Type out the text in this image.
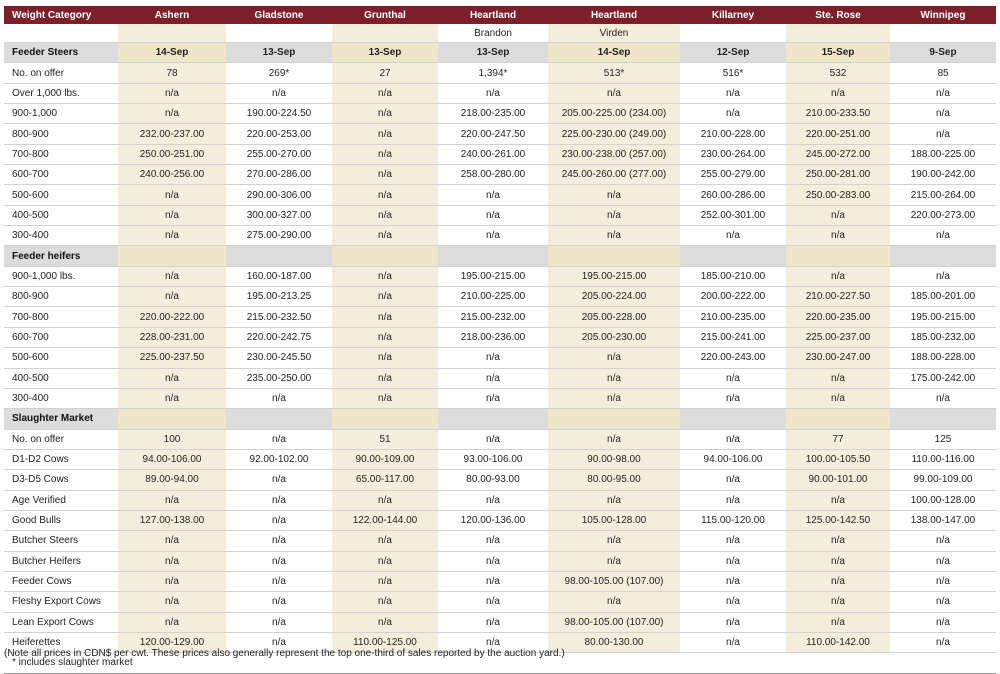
Weight Category	Ashern	Gladstone	Grunthal	Heartland	Heartland	Killarney	Ste. Rose	Winnipeg
				Brandon	Virden			
Feeder Steers	14-Sep	13-Sep	13-Sep	13-Sep	14-Sep	12-Sep	15-Sep	9-Sep
No. on offer	78	269*	27	1,394*	513*	516*	532	85
Over 1,000 lbs.	n/a	n/a	n/a	n/a	n/a	n/a	n/a	n/a
900-1,000	n/a	190.00-224.50	n/a	218.00-235.00	205.00-225.00 (234.00)	n/a	210.00-233.50	n/a
800-900	232.00-237.00	220.00-253.00	n/a	220.00-247.50	225.00-230.00 (249.00)	210.00-228.00	220.00-251.00	n/a
700-800	250.00-251.00	255.00-270.00	n/a	240.00-261.00	230.00-238.00 (257.00)	230.00-264.00	245.00-272.00	188.00-225.00
600-700	240.00-256.00	270.00-286.00	n/a	258.00-280.00	245.00-260.00 (277.00)	255.00-279.00	250.00-281.00	190.00-242.00
500-600	n/a	290.00-306.00	n/a	n/a	n/a	260.00-286.00	250.00-283.00	215.00-264.00
400-500	n/a	300.00-327.00	n/a	n/a	n/a	252.00-301.00	n/a	220.00-273.00
300-400	n/a	275.00-290.00	n/a	n/a	n/a	n/a	n/a	n/a
Feeder heifers								
900-1,000 lbs.	n/a	160.00-187.00	n/a	195.00-215.00	195.00-215.00	185.00-210.00	n/a	n/a
800-900	n/a	195.00-213.25	n/a	210.00-225.00	205.00-224.00	200.00-222.00	210.00-227.50	185.00-201.00
700-800	220.00-222.00	215.00-232.50	n/a	215.00-232.00	205.00-228.00	210.00-235.00	220.00-235.00	195.00-215.00
600-700	228.00-231.00	220.00-242.75	n/a	218.00-236.00	205.00-230.00	215.00-241.00	225.00-237.00	185.00-232.00
500-600	225.00-237.50	230.00-245.50	n/a	n/a	n/a	220.00-243.00	230.00-247.00	188.00-228.00
400-500	n/a	235.00-250.00	n/a	n/a	n/a	n/a	n/a	175.00-242.00
300-400	n/a	n/a	n/a	n/a	n/a	n/a	n/a	n/a
Slaughter Market								
No. on offer	100	n/a	51	n/a	n/a	n/a	77	125
D1-D2 Cows	94.00-106.00	92.00-102.00	90.00-109.00	93.00-106.00	90.00-98.00	94.00-106.00	100.00-105.50	110.00-116.00
D3-D5 Cows	89.00-94.00	n/a	65.00-117.00	80.00-93.00	80.00-95.00	n/a	90.00-101.00	99.00-109.00
Age Verified	n/a	n/a	n/a	n/a	n/a	n/a	n/a	100.00-128.00
Good Bulls	127.00-138.00	n/a	122.00-144.00	120.00-136.00	105.00-128.00	115.00-120.00	125.00-142.50	138.00-147.00
Butcher Steers	n/a	n/a	n/a	n/a	n/a	n/a	n/a	n/a
Butcher Heifers	n/a	n/a	n/a	n/a	n/a	n/a	n/a	n/a
Feeder Cows	n/a	n/a	n/a	n/a	98.00-105.00 (107.00)	n/a	n/a	n/a
Fleshy Export Cows	n/a	n/a	n/a	n/a	n/a	n/a	n/a	n/a
Lean Export Cows	n/a	n/a	n/a	n/a	98.00-105.00 (107.00)	n/a	n/a	n/a
Heiferettes	120.00-129.00	n/a	110.00-125.00	n/a	80.00-130.00	n/a	110.00-142.00	n/a
* includes slaughter market								
(Note all prices in CDN$ per cwt. These prices also generally represent the top one-third of sales reported by the auction yard.)
